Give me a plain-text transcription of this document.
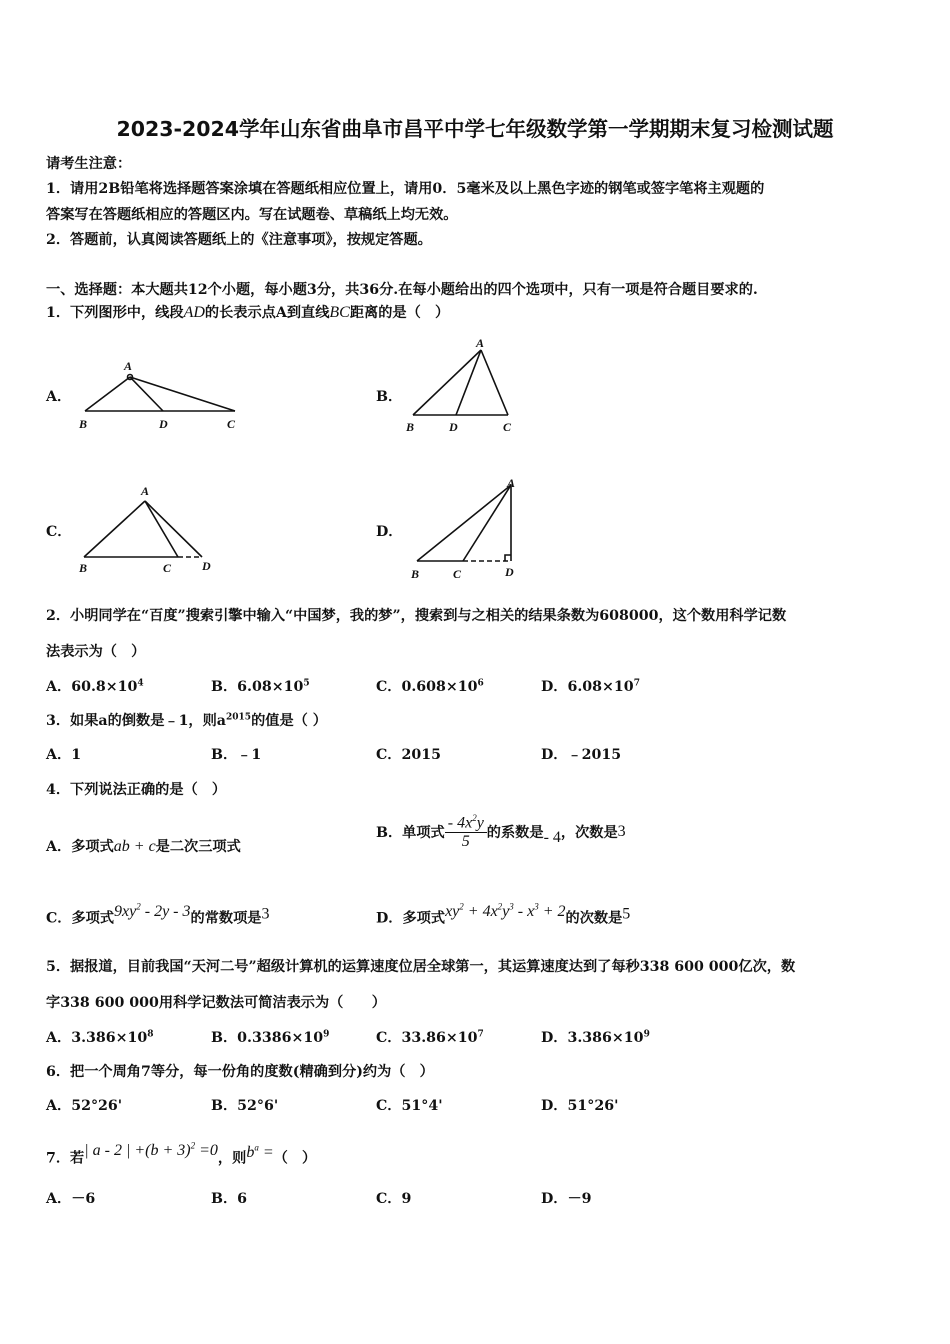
2023-2024学年山东省曲阜市昌平中学七年级数学第一学期期末复习检测试题
请考生注意：
1．请用2B铅笔将选择题答案涂填在答题纸相应位置上，请用0．5毫米及以上黑色字迹的钢笔或签字笔将主观题的
答案写在答题纸相应的答题区内。写在试题卷、草稿纸上均无效。
2．答题前，认真阅读答题纸上的《注意事项》，按规定答题。
一、选择题：本大题共12个小题，每小题3分，共36分.在每小题给出的四个选项中，只有一项是符合题目要求的.
1．下列图形中，线段AD的长表示点A到直线BC距离的是（　）
A．
A
B	D	C
B．
A
B	D	C
C．
A
B	C	D
D．
A
B	C	D
2．小明同学在“百度”搜索引擎中输入“中国梦，我的梦”，搜索到与之相关的结果条数为608000，这个数用科学记数
法表示为（　）
A．$60.8\times 10^4$	B．$6.08\times 10^5$	C．$0.608\times 10^6$	D．$6.08\times 10^7$
3．如果a的倒数是﹣1，则$a^{2015}$的值是（ ）
A．1	B．﹣1	C．2015	D．﹣2015
4．下列说法正确的是（　）
A．多项式ab + c是二次三项式
B．单项式 $\frac{- 4x^2y}{5}$ 的系数是- 4，次数是3
C．多项式$9xy^2 - 2y - 3$的常数项是3	D．多项式$xy^2 + 4x^2y^3 - x^3 + 2$的次数是5
5．据报道，目前我国“天河二号”超级计算机的运算速度位居全球第一，其运算速度达到了每秒338 600 000亿次，数
字338 600 000用科学记数法可简洁表示为（　　）
A．$3.386\times 10^8$	B．$0.3386\times 10^9$	C．$33.86\times 10^7$	D．$3.386\times 10^9$
6．把一个周角7等分，每一份角的度数(精确到分)约为（　）
A．52°26'	B．52°6'	C．51°4'	D．51°26'
7．若| a - 2 | $+(b + 3)^2 =0$，则$b^a$ =（　）
A．－6	B．6	C．9	D．－9
